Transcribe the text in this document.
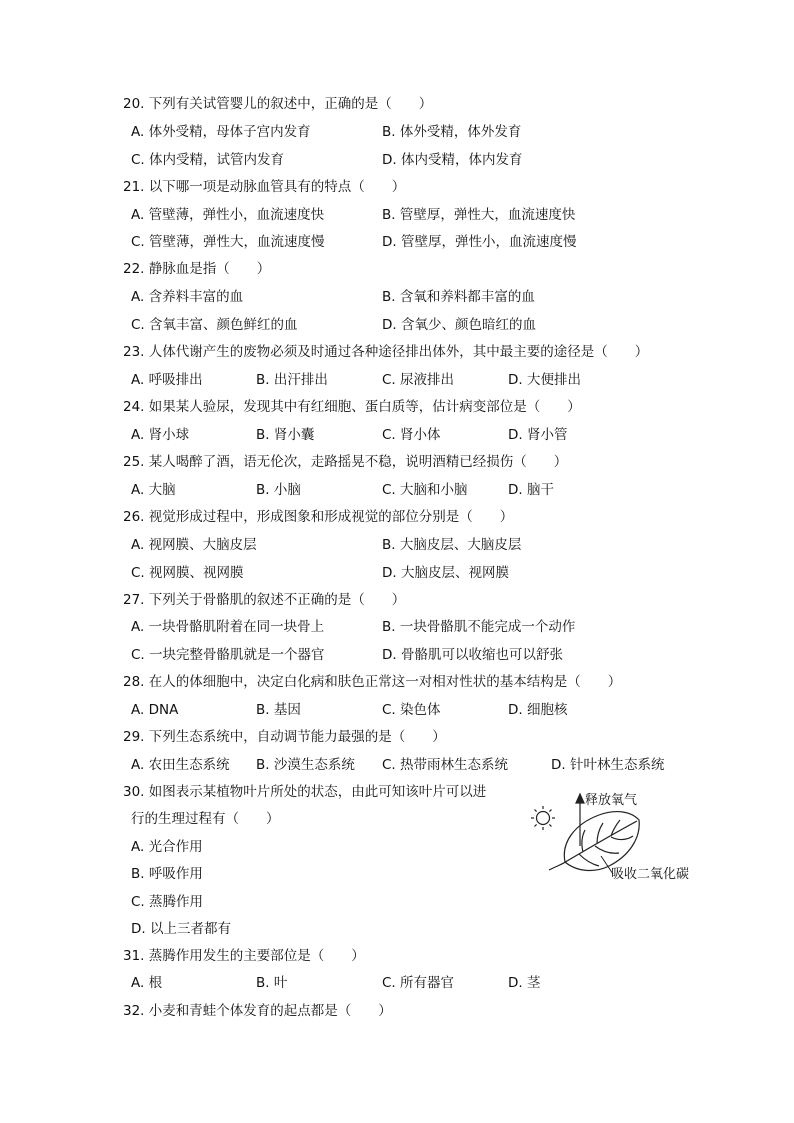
20. 下列有关试管婴儿的叙述中，正确的是（　　）
A. 体外受精，母体子宫内发育	B. 体外受精，体外发育
C. 体内受精，试管内发育	D. 体内受精，体内发育
21. 以下哪一项是动脉血管具有的特点（　　）
A. 管壁薄，弹性小，血流速度快	B. 管壁厚，弹性大，血流速度快
C. 管壁薄，弹性大，血流速度慢	D. 管壁厚，弹性小，血流速度慢
22. 静脉血是指（　　）
A. 含养料丰富的血	B. 含氧和养料都丰富的血
C. 含氧丰富、颜色鲜红的血	D. 含氧少、颜色暗红的血
23. 人体代谢产生的废物必须及时通过各种途径排出体外，其中最主要的途径是（　　）
A. 呼吸排出	B. 出汗排出	C. 尿液排出	D. 大便排出
24. 如果某人验尿，发现其中有红细胞、蛋白质等，估计病变部位是（　　）
A. 肾小球	B. 肾小囊	C. 肾小体	D. 肾小管
25. 某人喝醉了酒，语无伦次，走路摇晃不稳，说明酒精已经损伤（　　）
A. 大脑	B. 小脑	C. 大脑和小脑	D. 脑干
26. 视觉形成过程中，形成图象和形成视觉的部位分别是（　　）
A. 视网膜、大脑皮层	B. 大脑皮层、大脑皮层
C. 视网膜、视网膜	D. 大脑皮层、视网膜
27. 下列关于骨骼肌的叙述不正确的是（　　）
A. 一块骨骼肌附着在同一块骨上	B. 一块骨骼肌不能完成一个动作
C. 一块完整骨骼肌就是一个器官	D. 骨骼肌可以收缩也可以舒张
28. 在人的体细胞中，决定白化病和肤色正常这一对相对性状的基本结构是（　　）
A. DNA	B. 基因	C. 染色体	D. 细胞核
29. 下列生态系统中，自动调节能力最强的是（　　）
A. 农田生态系统 B. 沙漠生态系统 C. 热带雨林生态系统	D. 针叶林生态系统
30. 如图表示某植物叶片所处的状态，由此可知该叶片可以进
行的生理过程有（　　）
A. 光合作用
B. 呼吸作用
C. 蒸腾作用
D. 以上三者都有
释放氧气
吸收二氧化碳
31. 蒸腾作用发生的主要部位是（　　）
A. 根	B. 叶	C. 所有器官	D. 茎
32. 小麦和青蛙个体发育的起点都是（　　）
